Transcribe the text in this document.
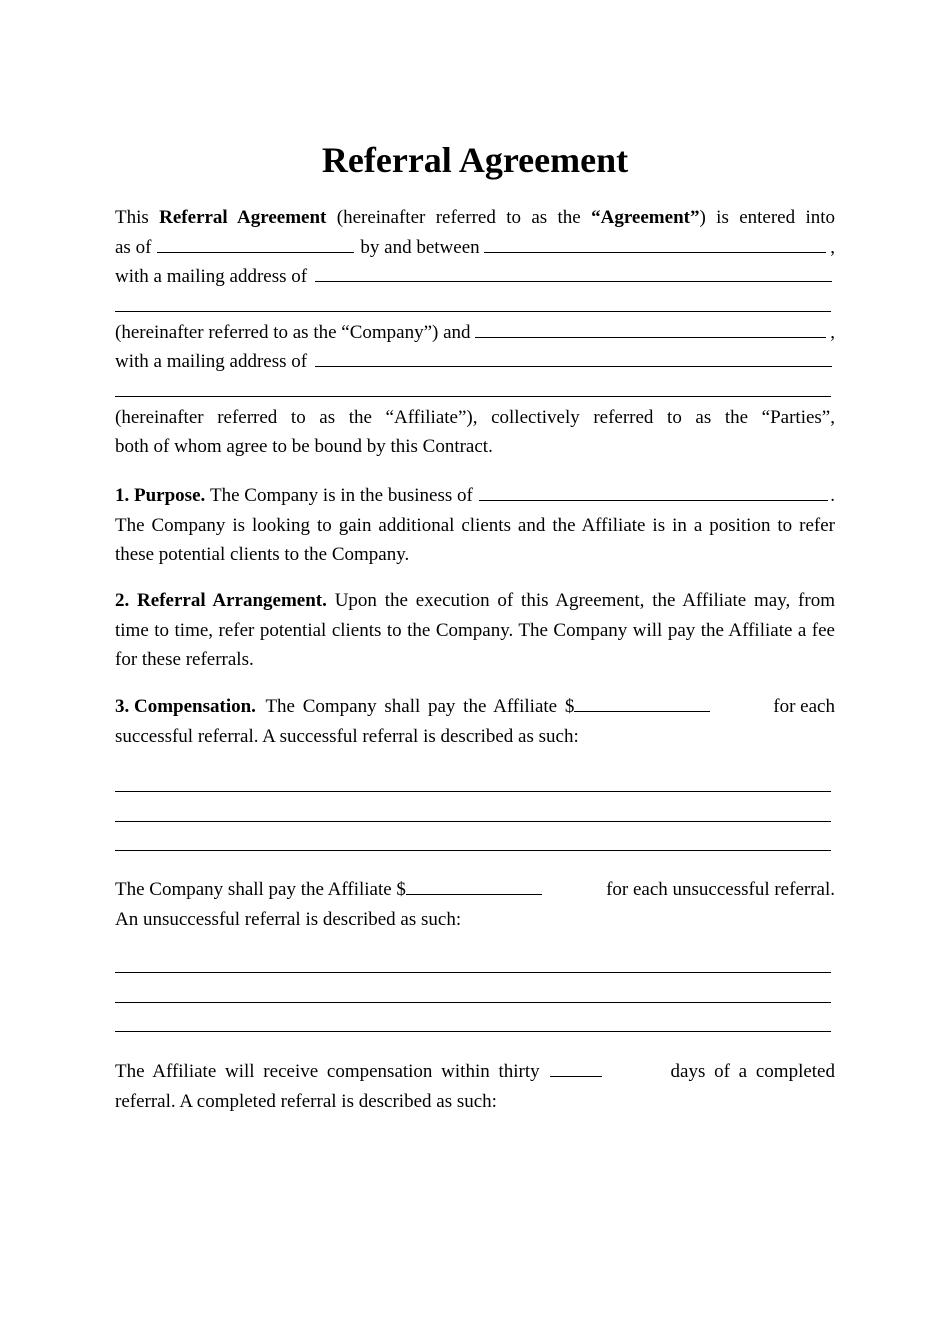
Referral Agreement
This Referral Agreement (hereinafter referred to as the “Agreement”) is entered into
as of	by and between	,
with a mailing address of
(hereinafter referred to as the “Company”) and	,
with a mailing address of
(hereinafter referred to as the “Affiliate”), collectively referred to as the “Parties”,
both of whom agree to be bound by this Contract.
1. Purpose.
The Company is in the business of	.

The Company is looking to gain additional clients and the Affiliate is in a position to refer these potential clients to the Company.

2. Referral Arrangement. Upon the execution of this Agreement, the Affiliate may, from time to time, refer potential clients to the Company. The Company will pay the Affiliate a fee for these referrals.

3. Compensation.
The Company shall pay the Affiliate $	for each
successful referral. A successful referral is described as such:
The Company shall pay the Affiliate $	for each unsuccessful referral.
An unsuccessful referral is described as such:
The Affiliate will receive compensation within thirty	days of a completed
referral. A completed referral is described as such:
